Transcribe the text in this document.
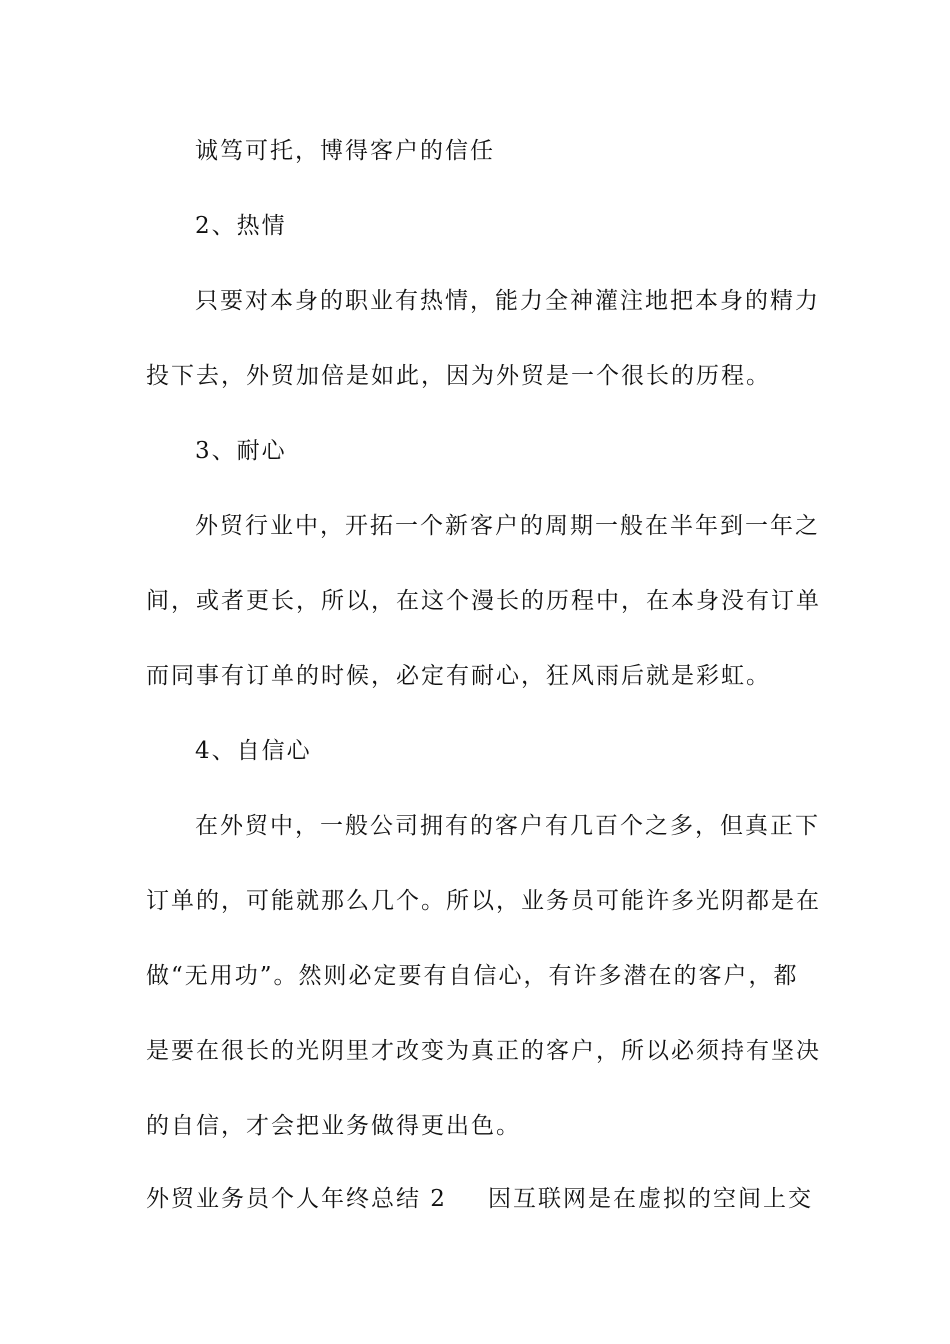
诚笃可托，博得客户的信任
2、热情
只要对本身的职业有热情，能力全神灌注地把本身的精力
投下去，外贸加倍是如此，因为外贸是一个很长的历程。
3、耐心
外贸行业中，开拓一个新客户的周期一般在半年到一年之
间，或者更长，所以，在这个漫长的历程中，在本身没有订单
而同事有订单的时候，必定有耐心，狂风雨后就是彩虹。
4、自信心
在外贸中，一般公司拥有的客户有几百个之多，但真正下
订单的，可能就那么几个。所以，业务员可能许多光阴都是在
做“无用功”。然则必定要有自信心，有许多潜在的客户，都
是要在很长的光阴里才改变为真正的客户，所以必须持有坚决
的自信，才会把业务做得更出色。
外贸业务员个人年终总结 2 因互联网是在虚拟的空间上交
